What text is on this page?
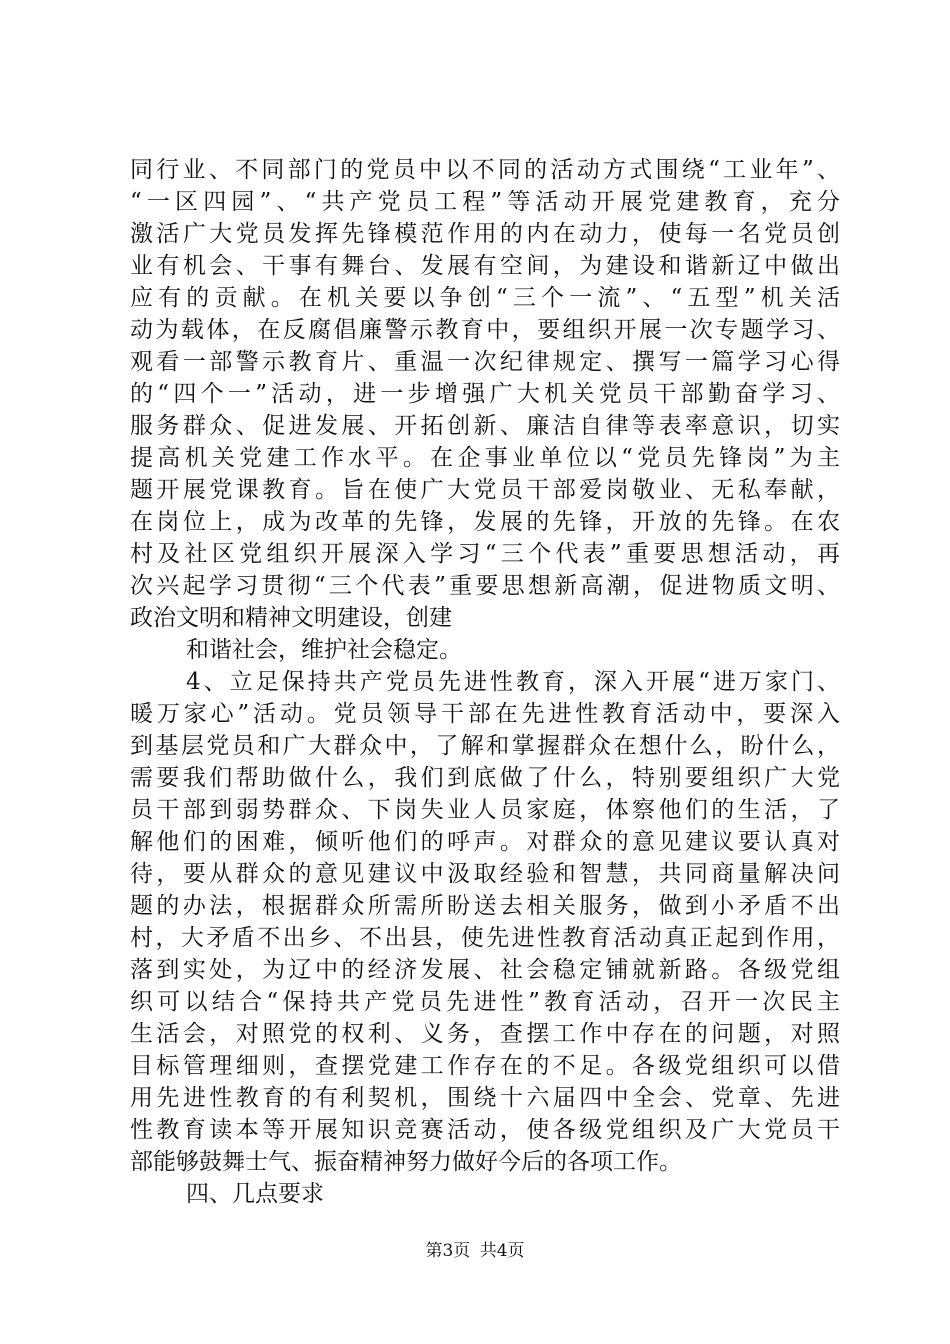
同行业、不同部门的党员中以不同的活动方式围绕“工业年”、
“一区四园”、“共产党员工程”等活动开展党建教育，充分
激活广大党员发挥先锋模范作用的内在动力，使每一名党员创
业有机会、干事有舞台、发展有空间，为建设和谐新辽中做出
应有的贡献。在机关要以争创“三个一流”、“五型”机关活
动为载体，在反腐倡廉警示教育中，要组织开展一次专题学习、
观看一部警示教育片、重温一次纪律规定、撰写一篇学习心得
的“四个一”活动，进一步增强广大机关党员干部勤奋学习、
服务群众、促进发展、开拓创新、廉洁自律等表率意识，切实
提高机关党建工作水平。在企事业单位以“党员先锋岗”为主
题开展党课教育。旨在使广大党员干部爱岗敬业、无私奉献，
在岗位上，成为改革的先锋，发展的先锋，开放的先锋。在农
村及社区党组织开展深入学习“三个代表”重要思想活动，再
次兴起学习贯彻“三个代表”重要思想新高潮，促进物质文明、
政治文明和精神文明建设，创建
和谐社会，维护社会稳定。
4、立足保持共产党员先进性教育，深入开展“进万家门、
暖万家心”活动。党员领导干部在先进性教育活动中，要深入
到基层党员和广大群众中，了解和掌握群众在想什么，盼什么，
需要我们帮助做什么，我们到底做了什么，特别要组织广大党
员干部到弱势群众、下岗失业人员家庭，体察他们的生活，了
解他们的困难，倾听他们的呼声。对群众的意见建议要认真对
待，要从群众的意见建议中汲取经验和智慧，共同商量解决问
题的办法，根据群众所需所盼送去相关服务，做到小矛盾不出
村，大矛盾不出乡、不出县，使先进性教育活动真正起到作用，
落到实处，为辽中的经济发展、社会稳定铺就新路。各级党组
织可以结合“保持共产党员先进性”教育活动，召开一次民主
生活会，对照党的权利、义务，查摆工作中存在的问题，对照
目标管理细则，查摆党建工作存在的不足。各级党组织可以借
用先进性教育的有利契机，围绕十六届四中全会、党章、先进
性教育读本等开展知识竞赛活动，使各级党组织及广大党员干
部能够鼓舞士气、振奋精神努力做好今后的各项工作。
四、几点要求
第3页 共4页
